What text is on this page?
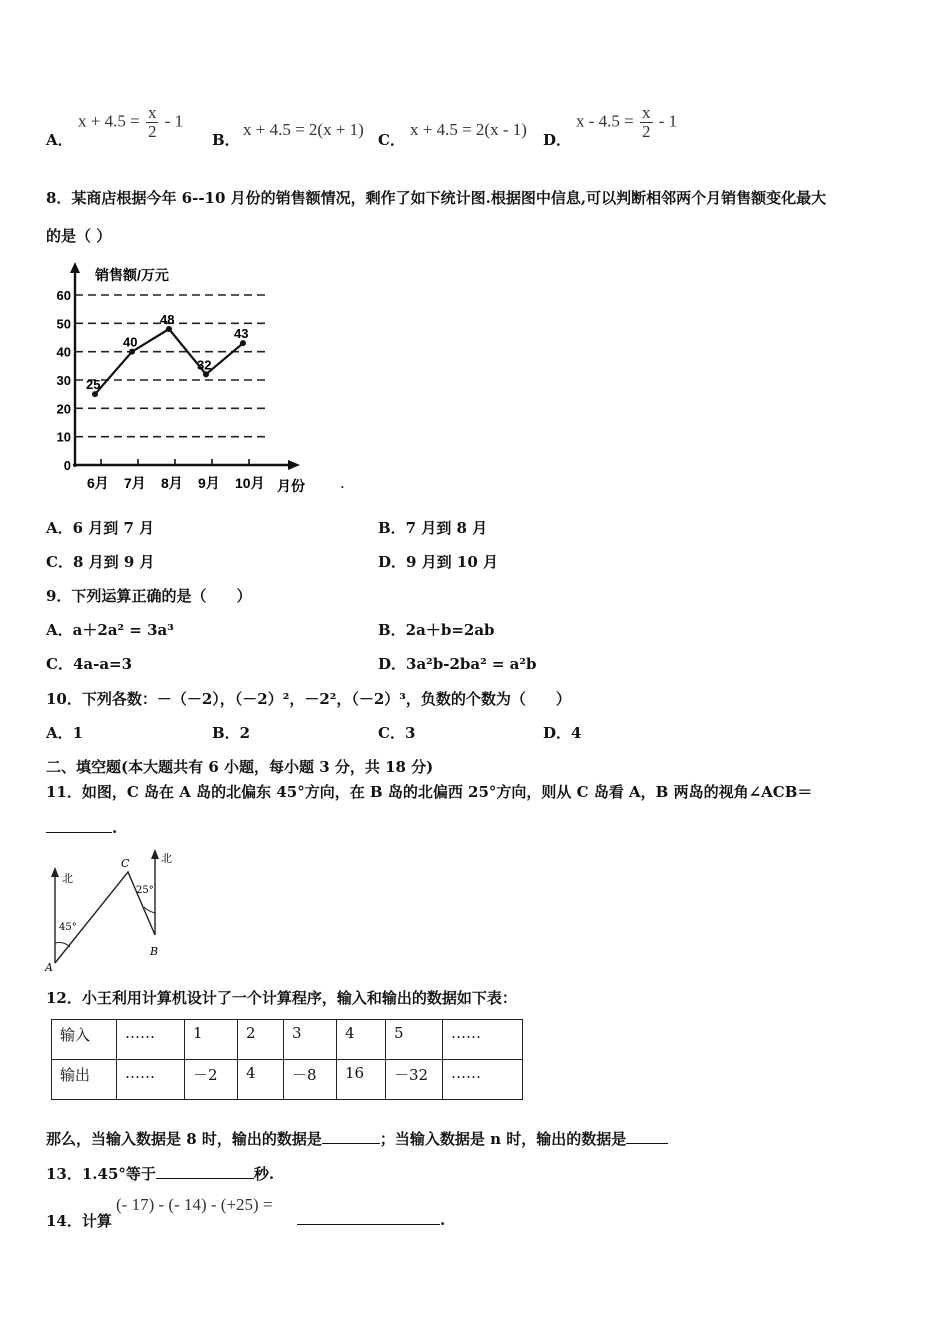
A．
$x + 4.5 = \frac{x}{2} - 1$
B．
x + 4.5 = 2(x + 1)
C．
x + 4.5 = 2(x - 1)
D．
$x - 4.5 = \frac{x}{2} - 1$
8．某商店根据今年 6--10 月份的销售额情况，剩作了如下统计图.根据图中信息,可以判断相邻两个月销售额变化最大
的是（ ）
0
10
20
30
40
50
60
销售额/万元
月份
6月 7月 8月 9月 10月
25
40
48
32
43
.
A．6 月到 7 月	B．7 月到 8 月
C．8 月到 9 月	D．9 月到 10 月
9．下列运算正确的是（　　）
A．a＋2a² = 3a³	B．2a＋b=2ab
C．4a-a=3	D．3a²b-2ba² = a²b
10．下列各数：－（－2），（－2）²，－2²，（－2）³，负数的个数为（　　）
A．1	B．2	C．3	D．4
二、填空题(本大题共有 6 小题，每小题 3 分，共 18 分)
11．如图，C 岛在 A 岛的北偏东 45°方向，在 B 岛的北偏西 25°方向，则从 C 岛看 A，B 两岛的视角∠ACB＝
.
北
北
C
A
B
45°
25°
12．小王利用计算机设计了一个计算程序，输入和输出的数据如下表：
输入	……	1	2	3	4	5	……
输出	……	－2	4	－8	16	－32	……
那么，当输入数据是 8 时，输出的数据是	；当输入数据是 n 时，输出的数据是
13．1.45°等于	秒.
14．计算
(- 17) - (- 14) - (+25) =
.
